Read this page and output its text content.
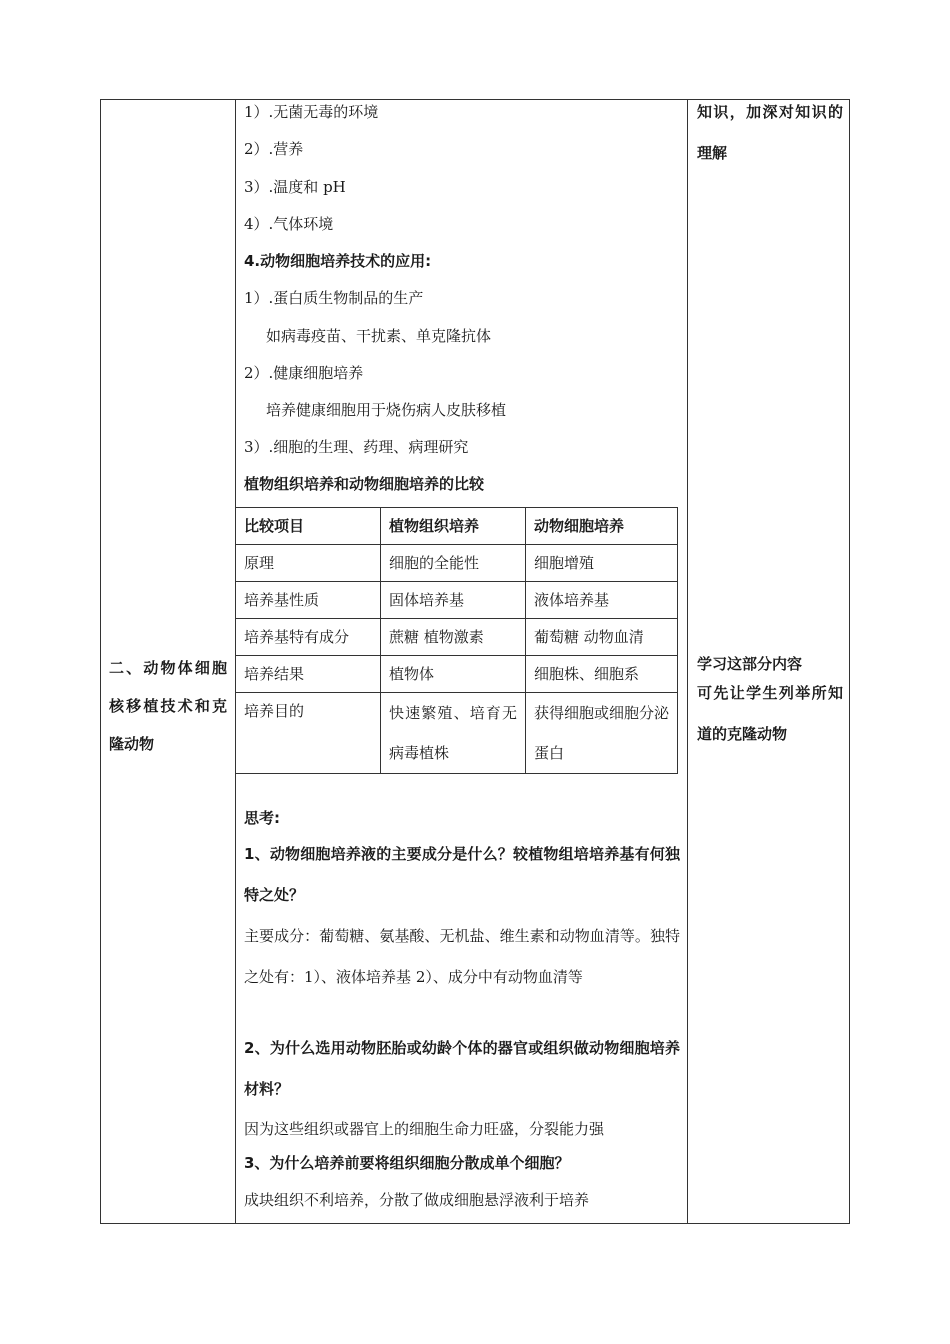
二、动物体细胞核移植技术和克隆动物
1）.无菌无毒的环境
2）.营养
3）.温度和 pH
4）.气体环境
4.动物细胞培养技术的应用:
1）.蛋白质生物制品的生产
如病毒疫苗、干扰素、单克隆抗体
2）.健康细胞培养
培养健康细胞用于烧伤病人皮肤移植
3）.细胞的生理、药理、病理研究
植物组织培养和动物细胞培养的比较
比较项目	植物组织培养	动物细胞培养
原理	细胞的全能性	细胞增殖
培养基性质	固体培养基	液体培养基
培养基特有成分	蔗糖 植物激素	葡萄糖 动物血清
培养结果	植物体	细胞株、细胞系
培养目的	快速繁殖、培育无病毒植株	获得细胞或细胞分泌蛋白
思考:
1、动物细胞培养液的主要成分是什么？较植物组培培养基有何独特之处？
主要成分：葡萄糖、氨基酸、无机盐、维生素和动物血清等。独特之处有：1）、液体培养基 2）、成分中有动物血清等
2、为什么选用动物胚胎或幼龄个体的器官或组织做动物细胞培养材料？
因为这些组织或器官上的细胞生命力旺盛，分裂能力强
3、为什么培养前要将组织细胞分散成单个细胞？
成块组织不利培养，分散了做成细胞悬浮液利于培养
知识，加深对知识的理解
学习这部分内容
可先让学生列举所知道的克隆动物
